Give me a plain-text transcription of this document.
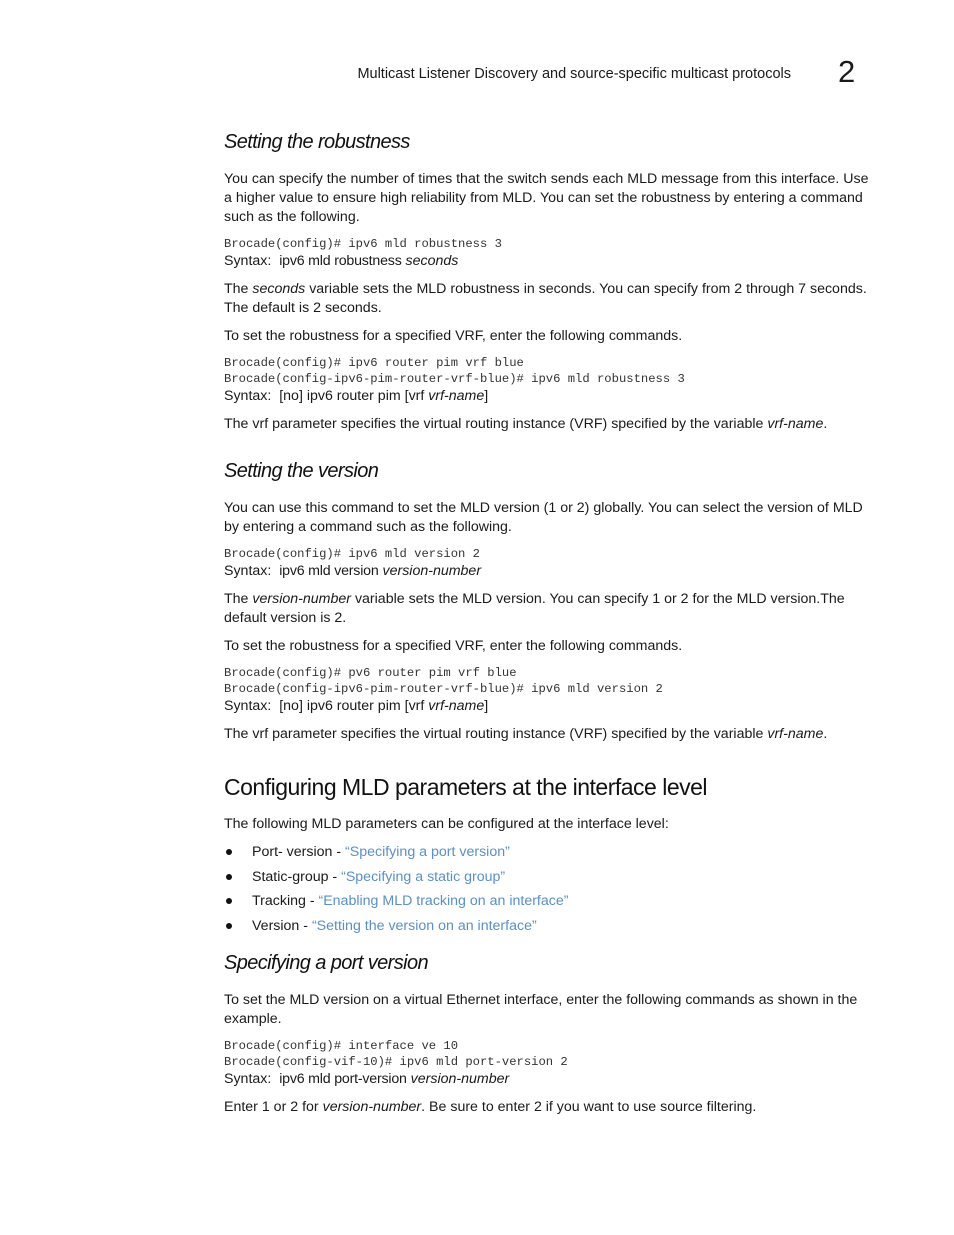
Multicast Listener Discovery and source-specific multicast protocols 2
Setting the robustness

You can specify the number of times that the switch sends each MLD message from this interface. Use a higher value to ensure high reliability from MLD. You can set the robustness by entering a command such as the following.

Brocade(config)# ipv6 mld robustness 3
Syntax: ipv6 mld robustness seconds

The seconds variable sets the MLD robustness in seconds. You can specify from 2 through 7 seconds. The default is 2 seconds.

To set the robustness for a specified VRF, enter the following commands.

Brocade(config)# ipv6 router pim vrf blue
Brocade(config-ipv6-pim-router-vrf-blue)# ipv6 mld robustness 3
Syntax:  [no] ipv6 router pim [vrf vrf-name]

The vrf parameter specifies the virtual routing instance (VRF) specified by the variable vrf-name.

Setting the version

You can use this command to set the MLD version (1 or 2) globally. You can select the version of MLD by entering a command such as the following.

Brocade(config)# ipv6 mld version 2
Syntax: ipv6 mld version version-number

The version-number variable sets the MLD version. You can specify 1 or 2 for the MLD version.The default version is 2.

To set the robustness for a specified VRF, enter the following commands.

Brocade(config)# pv6 router pim vrf blue
Brocade(config-ipv6-pim-router-vrf-blue)# ipv6 mld version 2
Syntax:  [no] ipv6 router pim [vrf vrf-name]

The vrf parameter specifies the virtual routing instance (VRF) specified by the variable vrf-name.

Configuring MLD parameters at the interface level

The following MLD parameters can be configured at the interface level:

Port- version - “Specifying a port version”
Static-group - “Specifying a static group”
Tracking - “Enabling MLD tracking on an interface”
Version - “Setting the version on an interface”
Specifying a port version

To set the MLD version on a virtual Ethernet interface, enter the following commands as shown in the example.

Brocade(config)# interface ve 10
Brocade(config-vif-10)# ipv6 mld port-version 2
Syntax: ipv6 mld port-version version-number

Enter 1 or 2 for version-number. Be sure to enter 2 if you want to use source filtering.
